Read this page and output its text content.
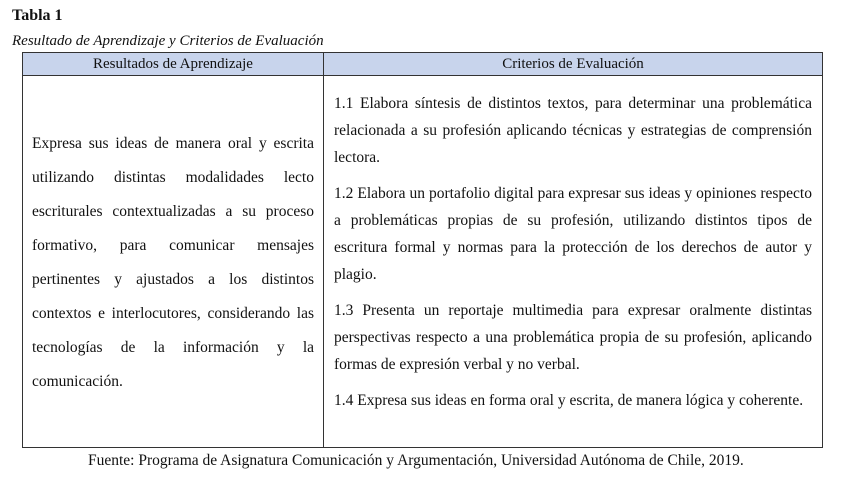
Tabla 1
Resultado de Aprendizaje y Criterios de Evaluación
Resultados de Aprendizaje	Criterios de Evaluación
Expresa sus ideas de manera oral y escrita utilizando distintas modalidades lecto escriturales contextualizadas a su proceso formativo, para comunicar mensajes pertinentes y ajustados a los distintos contextos e interlocutores, considerando las tecnologías de la información y la comunicación.

1.1 Elabora síntesis de distintos textos, para determinar una problemática relacionada a su profesión aplicando técnicas y estrategias de comprensión lectora.

1.2 Elabora un portafolio digital para expresar sus ideas y opiniones respecto a problemáticas propias de su profesión, utilizando distintos tipos de escritura formal y normas para la protección de los derechos de autor y plagio.

1.3 Presenta un reportaje multimedia para expresar oralmente distintas perspectivas respecto a una problemática propia de su profesión, aplicando formas de expresión verbal y no verbal.

1.4 Expresa sus ideas en forma oral y escrita, de manera lógica y coherente.

Fuente: Programa de Asignatura Comunicación y Argumentación, Universidad Autónoma de Chile, 2019.
